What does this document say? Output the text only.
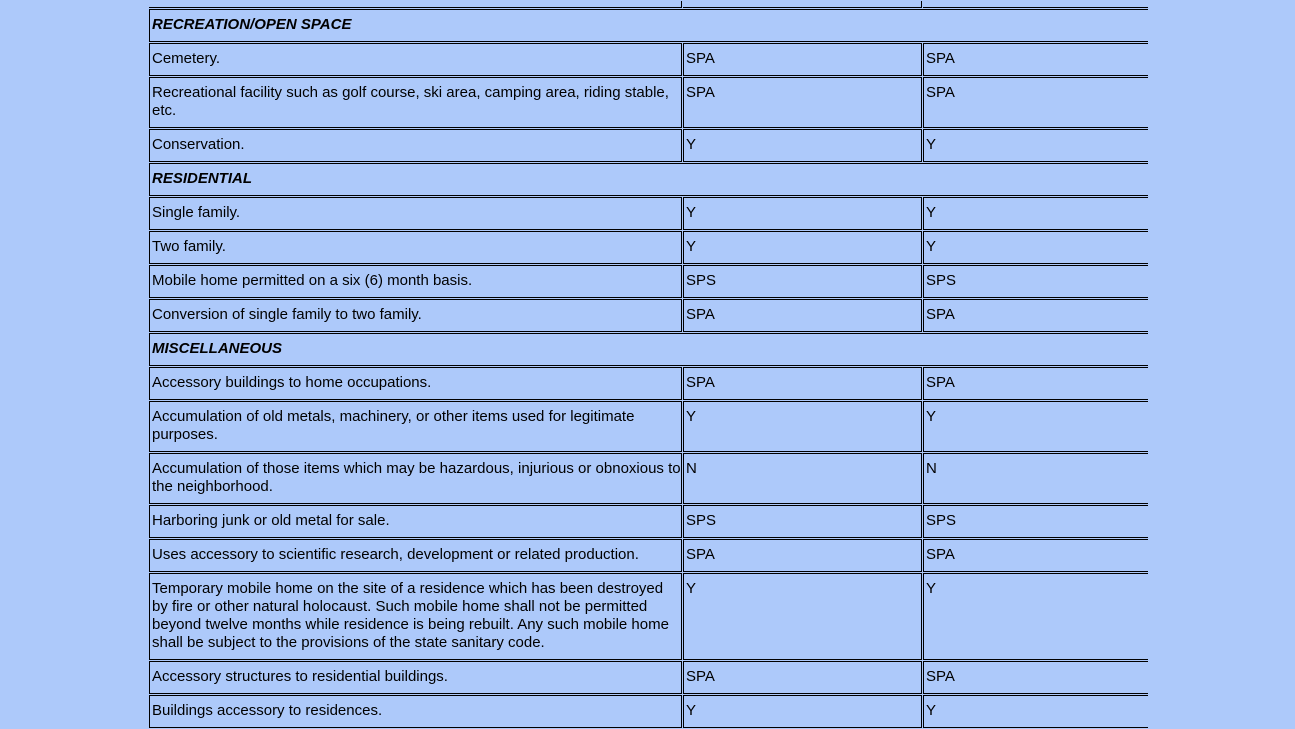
RECREATION/OPEN SPACE		
Cemetery.	SPA	SPA
Recreational facility such as golf course, ski area, camping area, riding stable, etc.	SPA	SPA
Conservation.	Y	Y
RESIDENTIAL		
Single family.	Y	Y
Two family.	Y	Y
Mobile home permitted on a six (6) month basis.	SPS	SPS
Conversion of single family to two family.	SPA	SPA
MISCELLANEOUS		
Accessory buildings to home occupations.	SPA	SPA
Accumulation of old metals, machinery, or other items used for legitimate purposes.	Y	Y
Accumulation of those items which may be hazardous, injurious or obnoxious to the neighborhood.	N	N
Harboring junk or old metal for sale.	SPS	SPS
Uses accessory to scientific research, development or related production.	SPA	SPA
Temporary mobile home on the site of a residence which has been destroyed by fire or other natural holocaust. Such mobile home shall not be permitted beyond twelve months while residence is being rebuilt. Any such mobile home shall be subject to the provisions of the state sanitary code.	Y	Y
Accessory structures to residential buildings.	SPA	SPA
Buildings accessory to residences.	Y	Y
